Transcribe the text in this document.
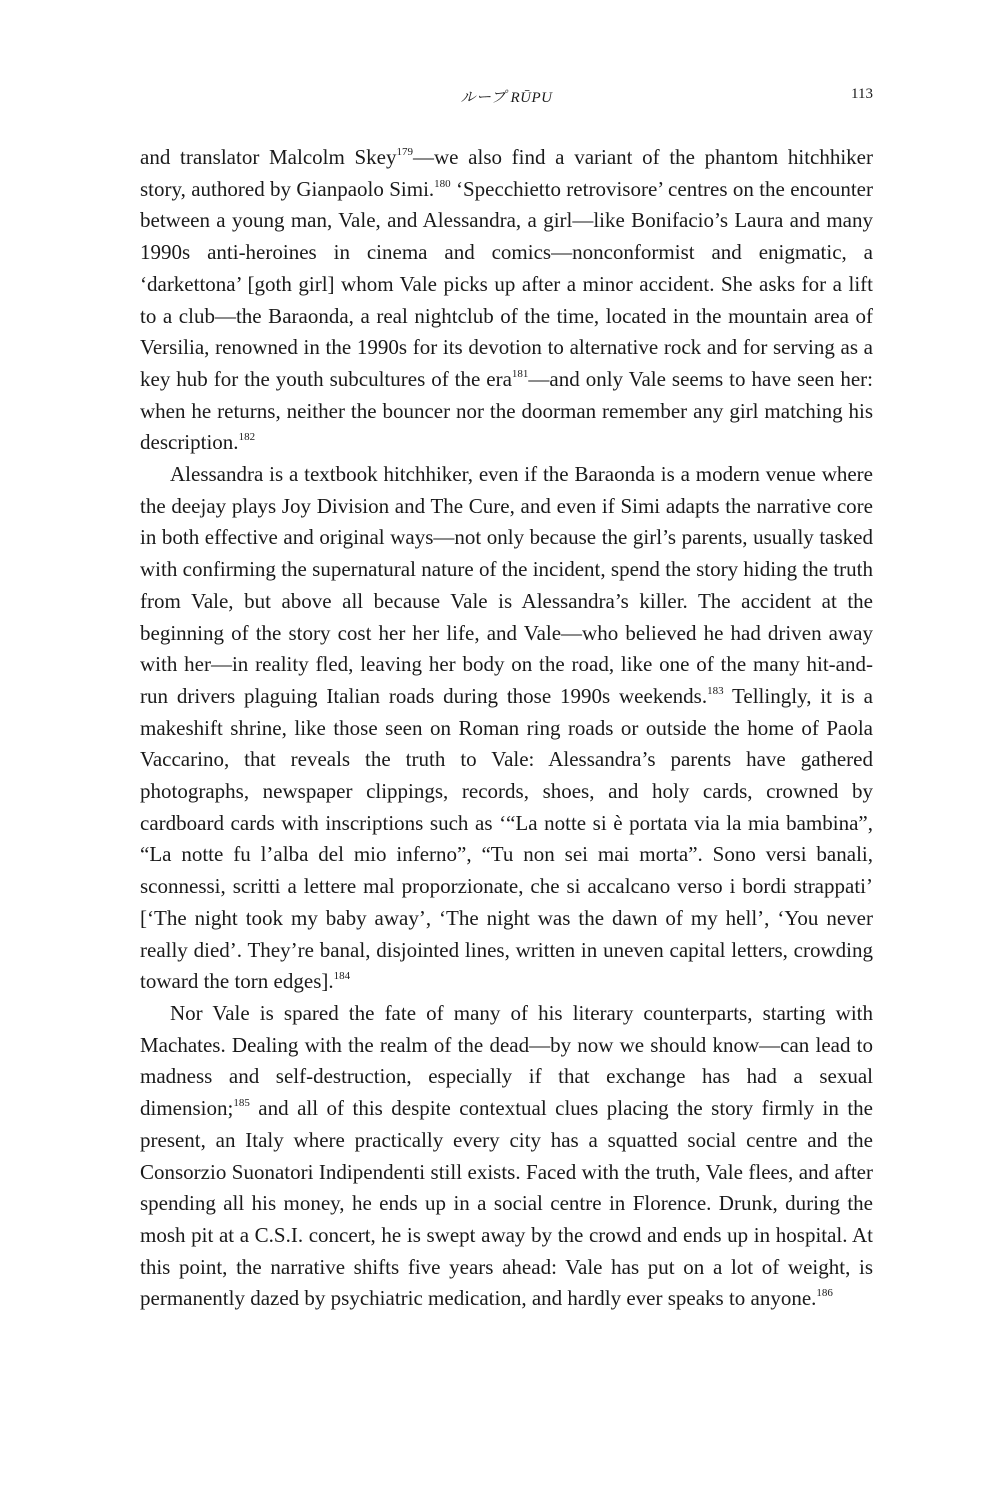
ループ RŪPU	113

and translator Malcolm Skey$^{179}$—we also find a variant of the phantom hitchhiker story, authored by Gianpaolo Simi.$^{180}$ ‘Specchietto retrovisore’ centres on the encounter between a young man, Vale, and Alessandra, a girl—like Bonifacio’s Laura and many 1990s anti-heroines in cinema and comics—nonconformist and enigmatic, a ‘darkettona’ [goth girl] whom Vale picks up after a minor accident. She asks for a lift to a club—the Baraonda, a real nightclub of the time, located in the mountain area of Versilia, renowned in the 1990s for its devotion to alternative rock and for serving as a key hub for the youth subcultures of the era$^{181}$—and only Vale seems to have seen her: when he returns, neither the bouncer nor the doorman remember any girl matching his description.$^{182}$

Alessandra is a textbook hitchhiker, even if the Baraonda is a modern venue where the deejay plays Joy Division and The Cure, and even if Simi adapts the narrative core in both effective and original ways—not only because the girl’s parents, usually tasked with confirming the supernatural nature of the incident, spend the story hiding the truth from Vale, but above all because Vale is Alessandra’s killer. The accident at the beginning of the story cost her her life, and Vale—who believed he had driven away with her—in reality fled, leaving her body on the road, like one of the many hit-and-run drivers plaguing Italian roads during those 1990s weekends.$^{183}$ Tellingly, it is a makeshift shrine, like those seen on Roman ring roads or outside the home of Paola Vaccarino, that reveals the truth to Vale: Alessandra’s parents have gathered photographs, newspaper clippings, records, shoes, and holy cards, crowned by cardboard cards with inscriptions such as ‘“La notte si è portata via la mia bambina”, “La notte fu l’alba del mio inferno”, “Tu non sei mai morta”. Sono versi banali, sconnessi, scritti a lettere mal proporzionate, che si accalcano verso i bordi strappati’ [‘The night took my baby away’, ‘The night was the dawn of my hell’, ‘You never really died’. They’re banal, disjointed lines, written in uneven capital letters, crowding toward the torn edges].$^{184}$

Nor Vale is spared the fate of many of his literary counterparts, starting with Machates. Dealing with the realm of the dead—by now we should know—can lead to madness and self-destruction, especially if that exchange has had a sexual dimension;$^{185}$ and all of this despite contextual clues placing the story firmly in the present, an Italy where practically every city has a squatted social centre and the Consorzio Suonatori Indipendenti still exists. Faced with the truth, Vale flees, and after spending all his money, he ends up in a social centre in Florence. Drunk, during the mosh pit at a C.S.I. concert, he is swept away by the crowd and ends up in hospital. At this point, the narrative shifts five years ahead: Vale has put on a lot of weight, is permanently dazed by psychiatric medication, and hardly ever speaks to anyone.$^{186}$
